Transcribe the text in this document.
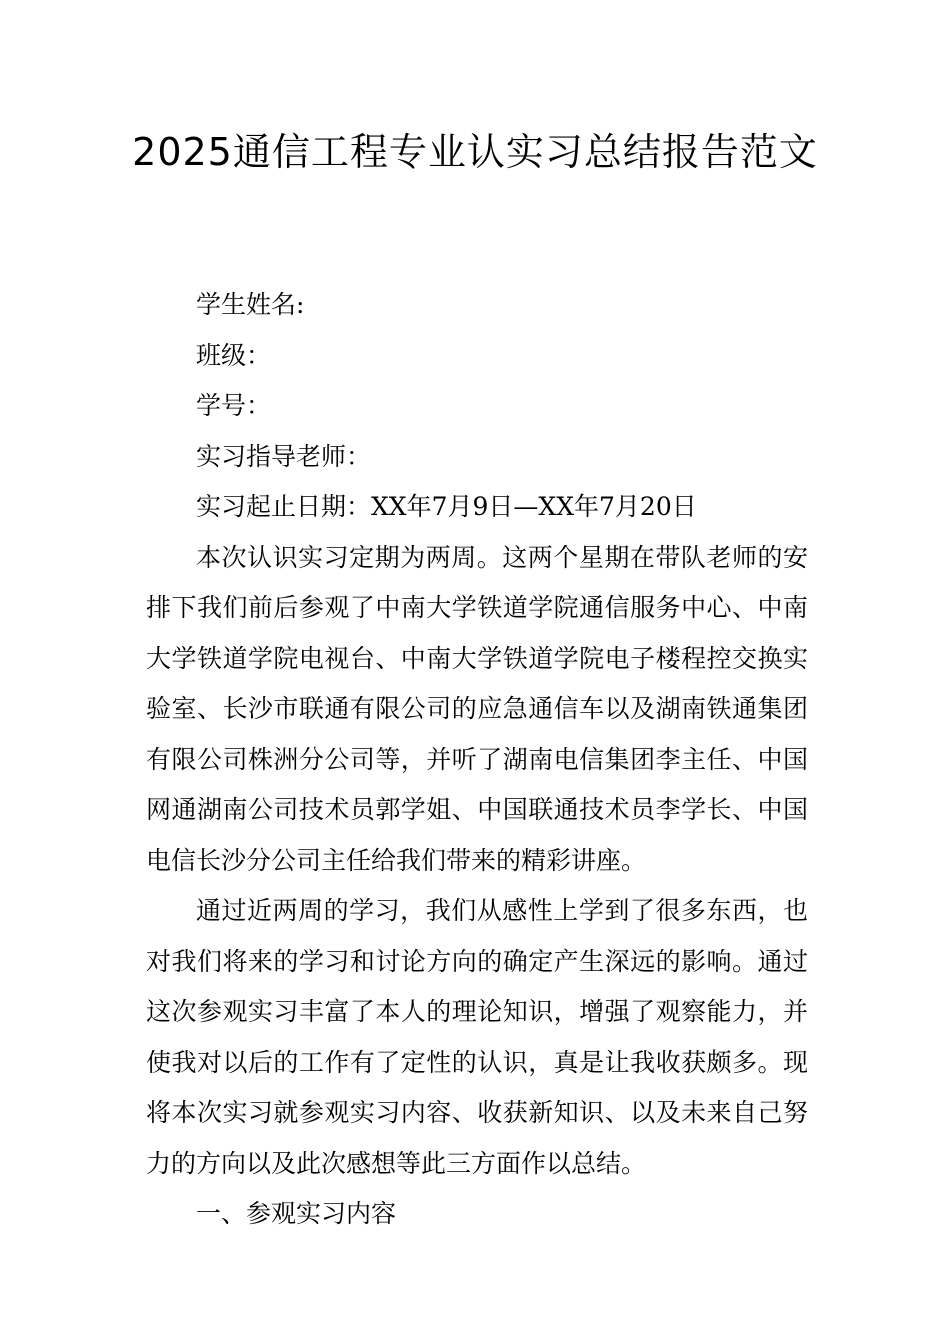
2025通信工程专业认实习总结报告范文
学生姓名:
班级：
学号：
实习指导老师：
实习起止日期：XX年7月9日—XX年7月20日

本次认识实习定期为两周。这两个星期在带队老师的安排下我们前后参观了中南大学铁道学院通信服务中心、中南大学铁道学院电视台、中南大学铁道学院电子楼程控交换实验室、长沙市联通有限公司的应急通信车以及湖南铁通集团有限公司株洲分公司等，并听了湖南电信集团李主任、中国网通湖南公司技术员郭学姐、中国联通技术员李学长、中国电信长沙分公司主任给我们带来的精彩讲座。

通过近两周的学习，我们从感性上学到了很多东西，也对我们将来的学习和讨论方向的确定产生深远的影响。通过这次参观实习丰富了本人的理论知识，增强了观察能力，并使我对以后的工作有了定性的认识，真是让我收获颇多。现将本次实习就参观实习内容、收获新知识、以及未来自己努力的方向以及此次感想等此三方面作以总结。

一、参观实习内容
